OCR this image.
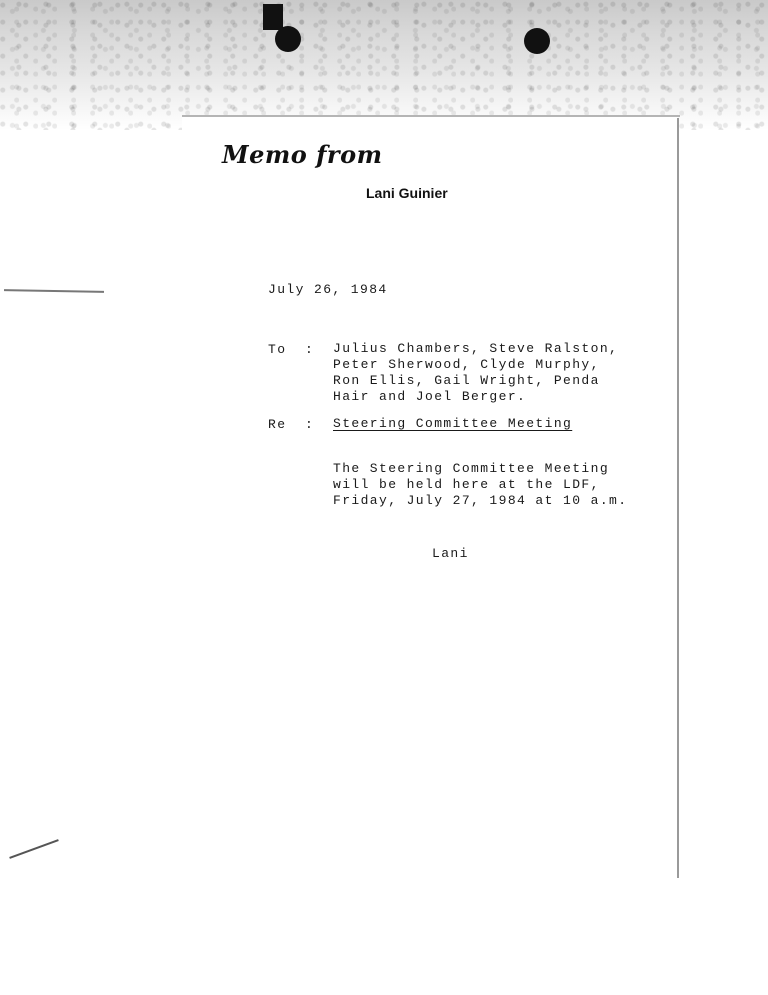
Memo from
Lani Guinier
July 26, 1984
To : Julius Chambers, Steve Ralston,
Peter Sherwood, Clyde Murphy,
Ron Ellis, Gail Wright, Penda
Hair and Joel Berger.
Re : Steering Committee Meeting
The Steering Committee Meeting
will be held here at the LDF,
Friday, July 27, 1984 at 10 a.m.
Lani
